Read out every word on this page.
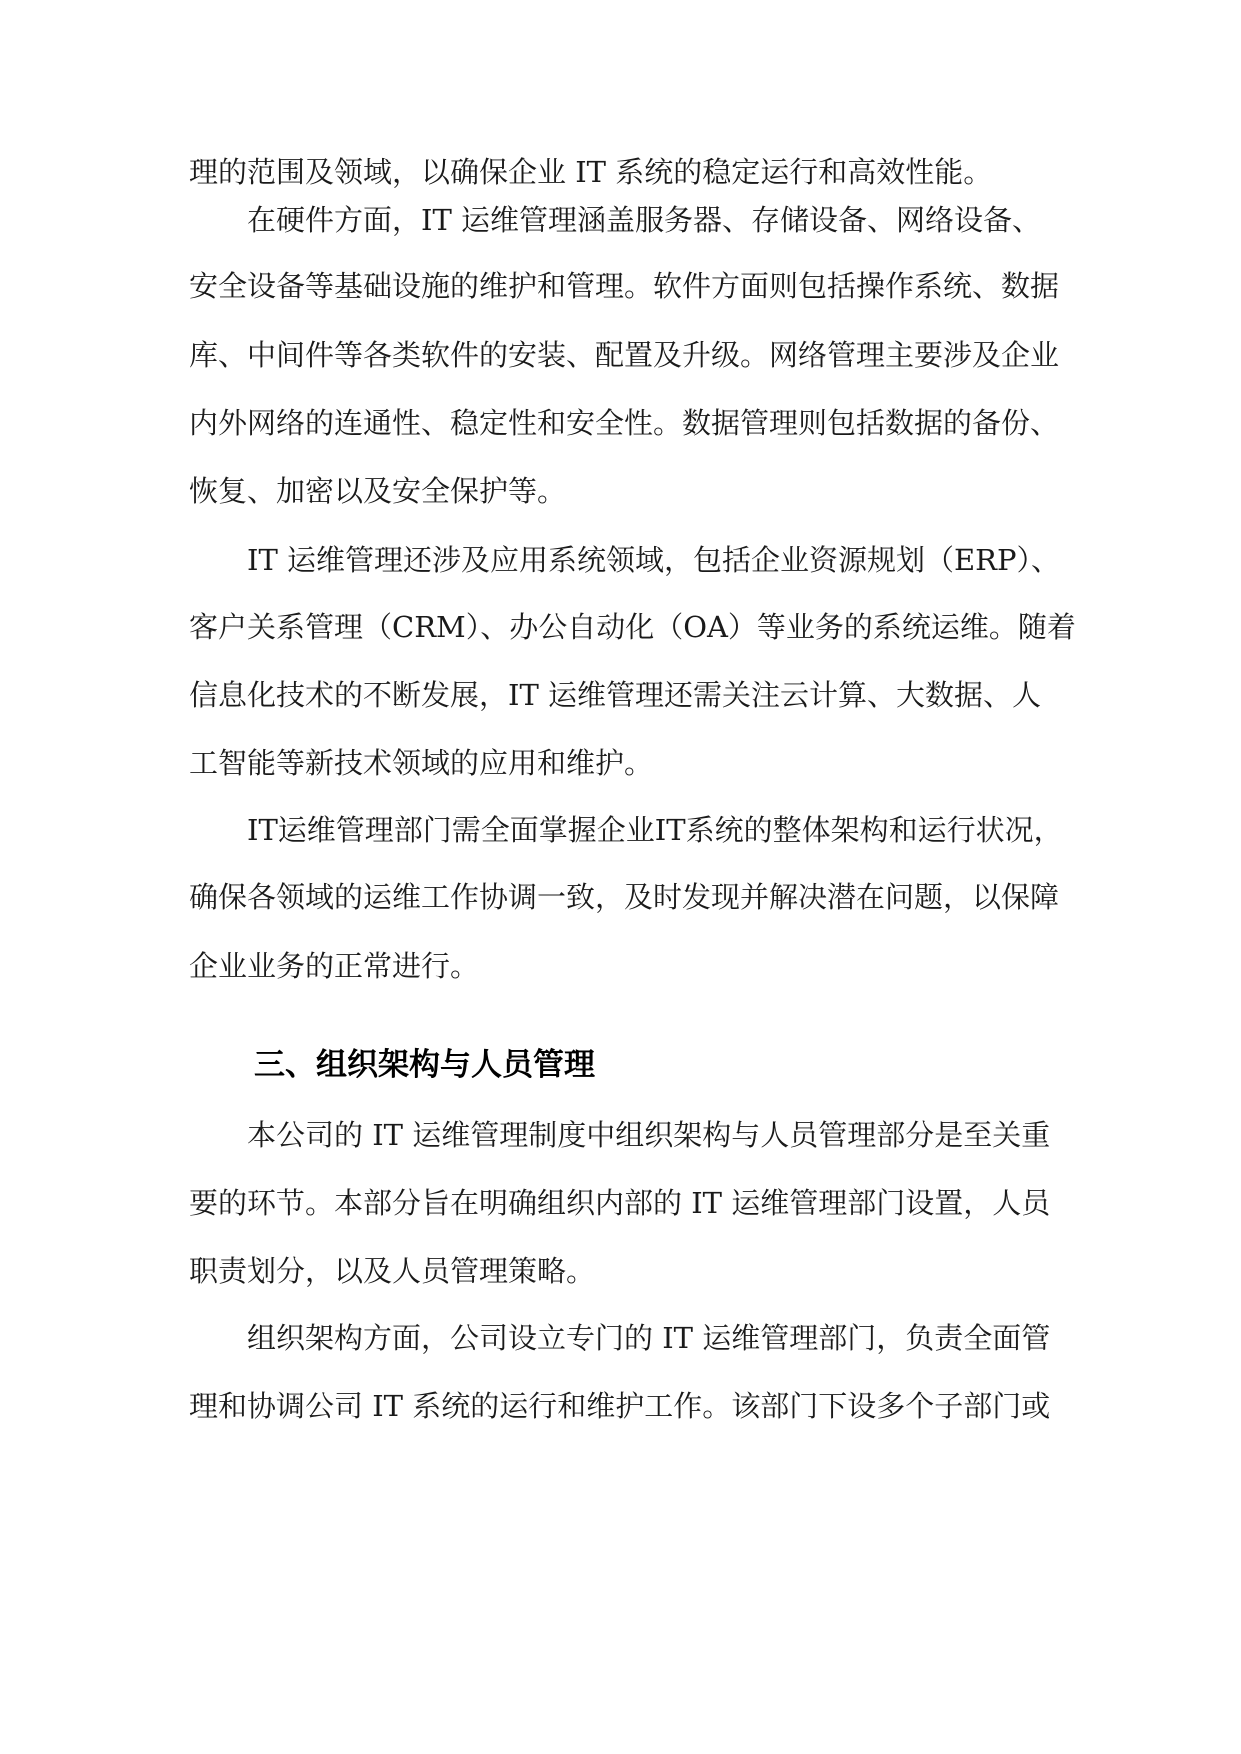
理的范围及领域，以确保企业 IT 系统的稳定运行和高效性能。
在硬件方面，IT 运维管理涵盖服务器、存储设备、网络设备、
安全设备等基础设施的维护和管理。软件方面则包括操作系统、数据
库、中间件等各类软件的安装、配置及升级。网络管理主要涉及企业
内外网络的连通性、稳定性和安全性。数据管理则包括数据的备份、
恢复、加密以及安全保护等。
IT 运维管理还涉及应用系统领域，包括企业资源规划（ERP）、
客户关系管理（CRM）、办公自动化（OA）等业务的系统运维。随着
信息化技术的不断发展，IT 运维管理还需关注云计算、大数据、人
工智能等新技术领域的应用和维护。
IT运维管理部门需全面掌握企业IT系统的整体架构和运行状况，
确保各领域的运维工作协调一致，及时发现并解决潜在问题，以保障
企业业务的正常进行。
三、组织架构与人员管理
本公司的 IT 运维管理制度中组织架构与人员管理部分是至关重
要的环节。本部分旨在明确组织内部的 IT 运维管理部门设置，人员
职责划分，以及人员管理策略。
组织架构方面，公司设立专门的 IT 运维管理部门，负责全面管
理和协调公司 IT 系统的运行和维护工作。该部门下设多个子部门或
